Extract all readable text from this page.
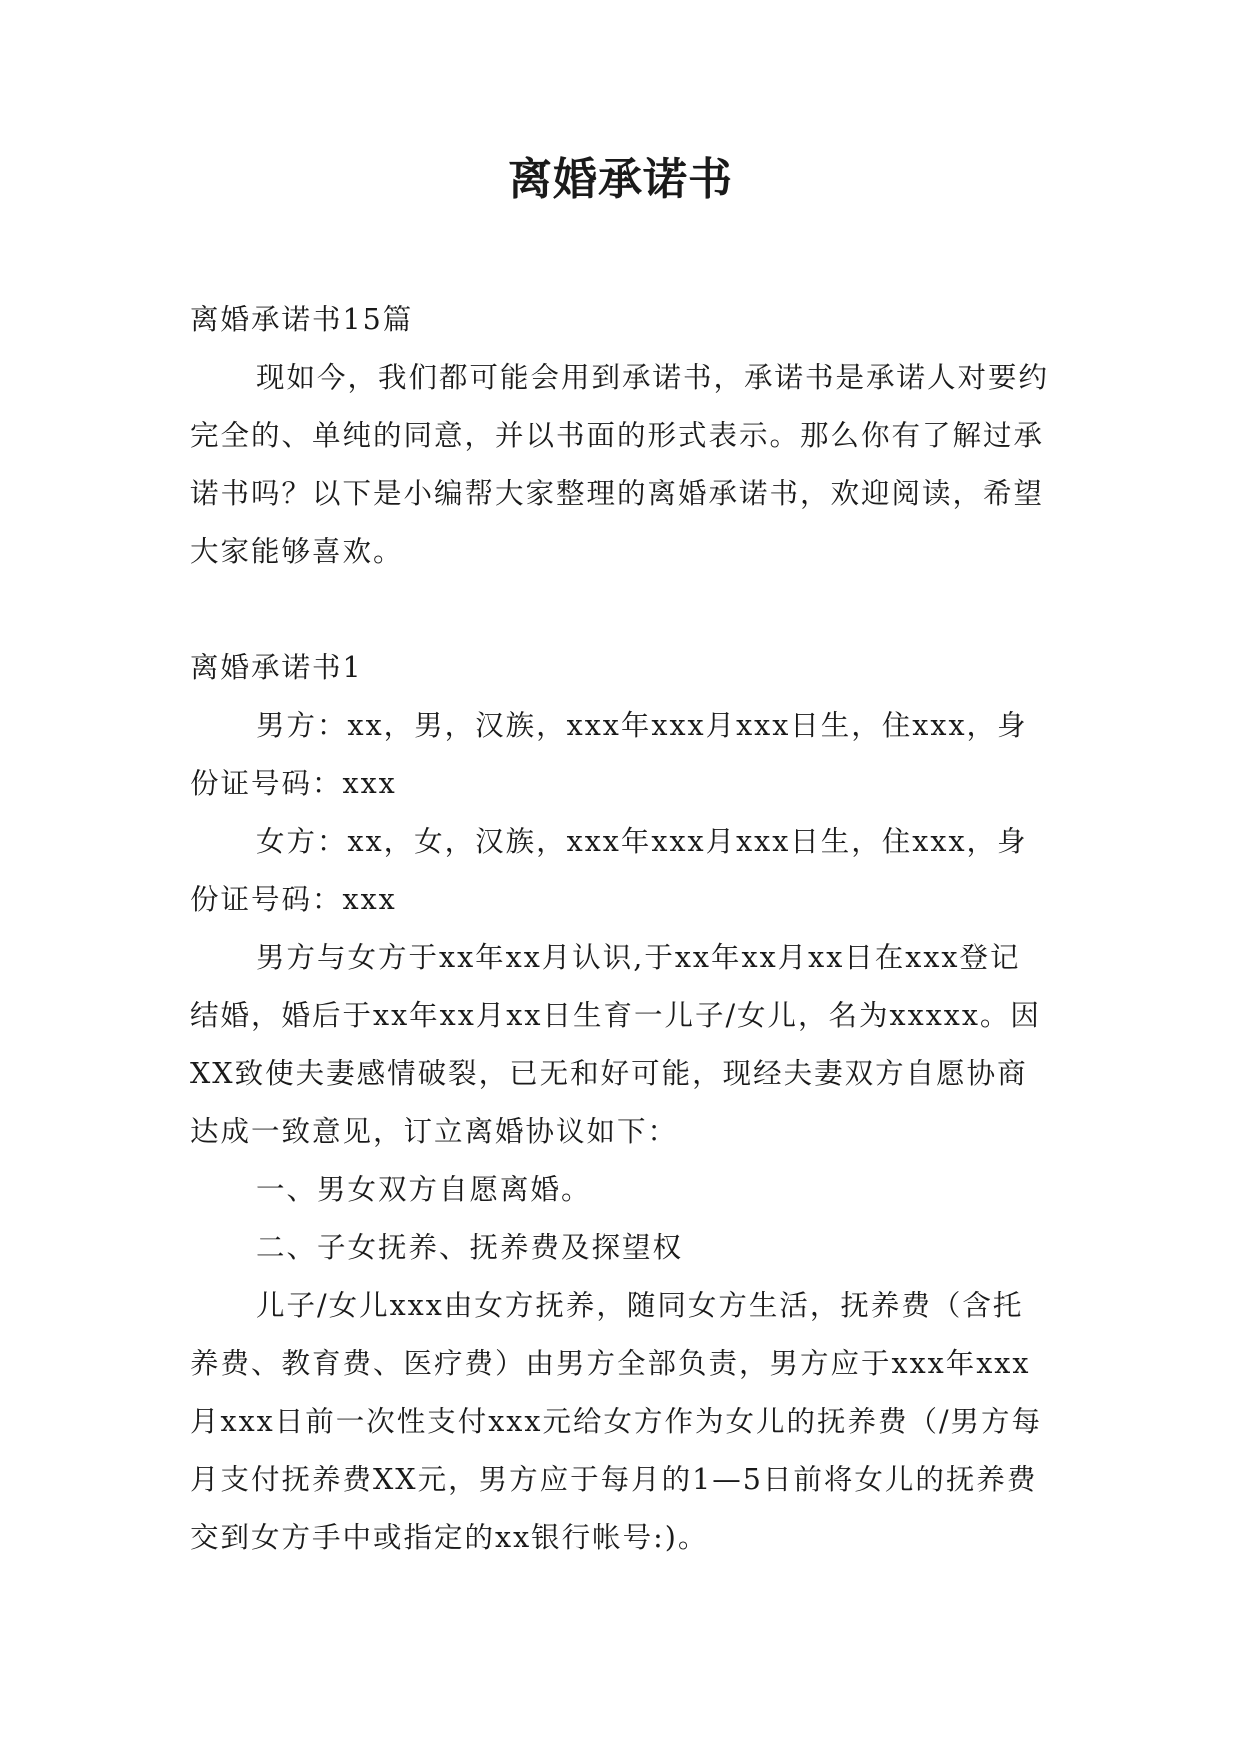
离婚承诺书

离婚承诺书15篇

现如今，我们都可能会用到承诺书，承诺书是承诺人对要约完全的、单纯的同意，并以书面的形式表示。那么你有了解过承诺书吗？以下是小编帮大家整理的离婚承诺书，欢迎阅读，希望大家能够喜欢。

离婚承诺书1

男方：xx，男，汉族，xxx年xxx月xxx日生，住xxx，身份证号码：xxx

女方：xx，女，汉族，xxx年xxx月xxx日生，住xxx，身份证号码：xxx

男方与女方于xx年xx月认识,于xx年xx月xx日在xxx登记结婚，婚后于xx年xx月xx日生育一儿子/女儿，名为xxxxx。因XX致使夫妻感情破裂，已无和好可能，现经夫妻双方自愿协商达成一致意见，订立离婚协议如下：

一、男女双方自愿离婚。

二、子女抚养、抚养费及探望权

儿子/女儿xxx由女方抚养，随同女方生活，抚养费（含托养费、教育费、医疗费）由男方全部负责，男方应于xxx年xxx月xxx日前一次性支付xxx元给女方作为女儿的抚养费（/男方每月支付抚养费XX元，男方应于每月的1—5日前将女儿的抚养费交到女方手中或指定的xx银行帐号:)。
